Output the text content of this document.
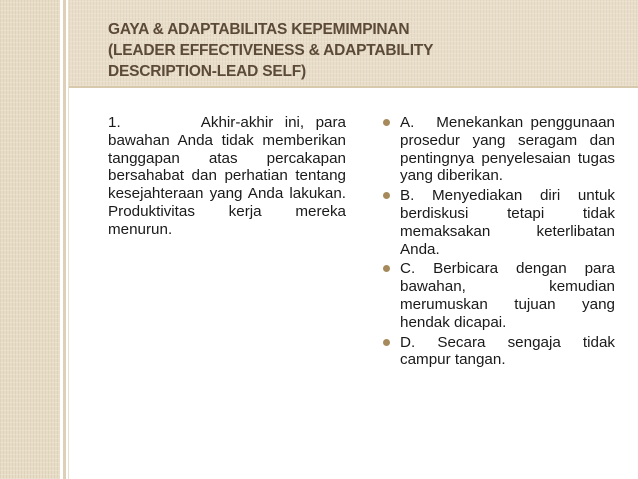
GAYA & ADAPTABILITAS KEPEMIMPINAN
(LEADER EFFECTIVENESS & ADAPTABILITY
DESCRIPTION-LEAD SELF)

1.       Akhir-akhir ini, para bawahan Anda tidak memberikan tanggapan atas percakapan bersahabat dan perhatian tentang kesejahteraan yang Anda lakukan. Produktivitas kerja mereka menurun.

A.   Menekankan penggunaan prosedur yang seragam dan pentingnya penyelesaian tugas yang diberikan.
B. Menyediakan diri untuk berdiskusi tetapi tidak memaksakan keterlibatan Anda.
C. Berbicara dengan para bawahan, kemudian merumuskan tujuan yang hendak dicapai.
D. Secara sengaja tidak campur tangan.
